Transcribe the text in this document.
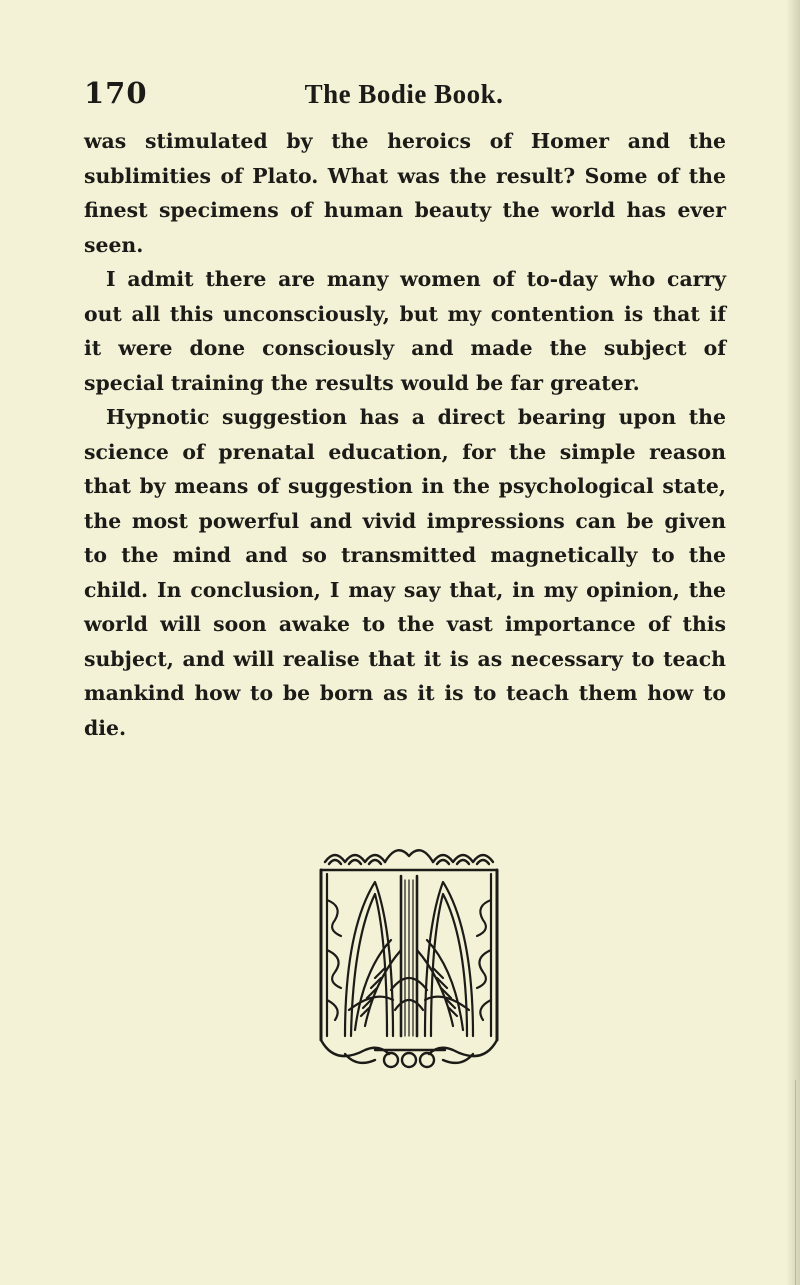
170	The Bodie Book.

was stimulated by the heroics of Homer and the sublimities of Plato. What was the result? Some of the finest specimens of human beauty the world has ever seen.

I admit there are many women of to-day who carry out all this unconsciously, but my contention is that if it were done consciously and made the subject of special training the results would be far greater.

Hypnotic suggestion has a direct bearing upon the science of prenatal education, for the simple reason that by means of suggestion in the psychological state, the most powerful and vivid impressions can be given to the mind and so transmitted magnetically to the child. In conclusion, I may say that, in my opinion, the world will soon awake to the vast importance of this subject, and will realise that it is as necessary to teach mankind how to be born as it is to teach them how to die.
